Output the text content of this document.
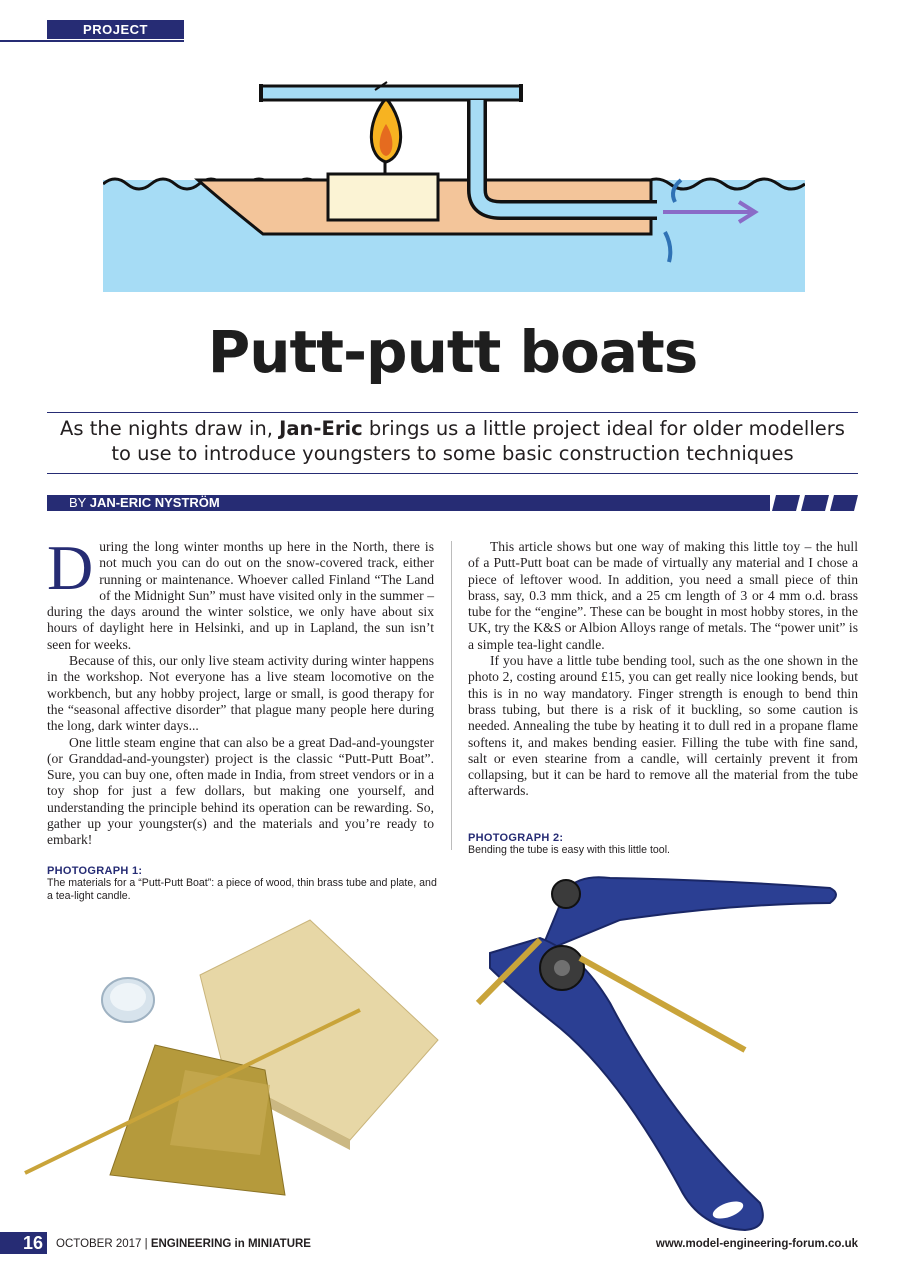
PROJECT
Putt-putt boats
As the nights draw in, Jan-Eric brings us a little project ideal for older modellers to use to introduce youngsters to some basic construction techniques
BY JAN-ERIC NYSTRÖM

During the long winter months up here in the North, there is not much you can do out on the snow-covered track, either running or maintenance. Whoever called Finland “The Land of the Midnight Sun” must have visited only in the summer – during the days around the winter solstice, we only have about six hours of daylight here in Helsinki, and up in Lapland, the sun isn’t seen for weeks.

Because of this, our only live steam activity during winter happens in the workshop. Not everyone has a live steam locomotive on the workbench, but any hobby project, large or small, is good therapy for the “seasonal affective disorder” that plague many people here during the long, dark winter days...

One little steam engine that can also be a great Dad-and-youngster (or Granddad-and-youngster) project is the classic “Putt-Putt Boat”. Sure, you can buy one, often made in India, from street vendors or in a toy shop for just a few dollars, but making one yourself, and understanding the principle behind its operation can be rewarding. So, gather up your youngster(s) and the materials and you’re ready to embark!

This article shows but one way of making this little toy – the hull of a Putt-Putt boat can be made of virtually any material and I chose a piece of leftover wood. In addition, you need a small piece of thin brass, say, 0.3 mm thick, and a 25 cm length of 3 or 4 mm o.d. brass tube for the “engine”. These can be bought in most hobby stores, in the UK, try the K&S or Albion Alloys range of metals. The “power unit” is a simple tea-light candle.

If you have a little tube bending tool, such as the one shown in the photo 2, costing around £15, you can get really nice looking bends, but this is in no way mandatory. Finger strength is enough to bend thin brass tubing, but there is a risk of it buckling, so some caution is needed. Annealing the tube by heating it to dull red in a propane flame softens it, and makes bending easier. Filling the tube with fine sand, salt or even stearine from a candle, will certainly prevent it from collapsing, but it can be hard to remove all the material from the tube afterwards.

PHOTOGRAPH 1:
The materials for a “Putt-Putt Boat”: a piece of wood, thin brass tube and plate, and a tea-light candle.
PHOTOGRAPH 2:
Bending the tube is easy with this little tool.
16	OCTOBER 2017 | ENGINEERING in MINIATURE	www.model-engineering-forum.co.uk
